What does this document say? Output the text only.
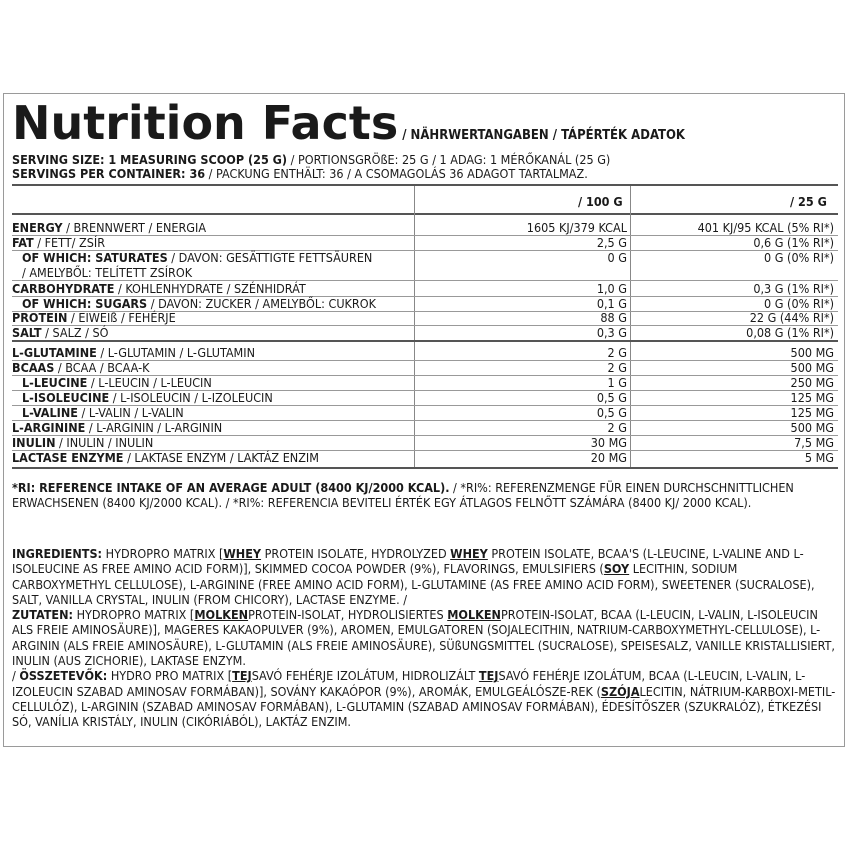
Nutrition Facts / NÄHRWERTANGABEN / TÁPÉRTÉK ADATOK
SERVING SIZE: 1 MEASURING SCOOP (25 G) / PORTIONSGRÖßE: 25 G / 1 ADAG: 1 MÉRŐKANÁL (25 G)
SERVINGS PER CONTAINER: 36 / PACKUNG ENTHÄLT: 36 / A CSOMAGOLÁS 36 ADAGOT TARTALMAZ.
/ 100 G	/ 25 G
ENERGY / BRENNWERT / ENERGIA	1605 KJ/379 KCAL	401 KJ/95 KCAL (5% RI*)
FAT / FETT/ ZSÍR	2,5 G	0,6 G (1% RI*)
OF WHICH: SATURATES / DAVON: GESÄTTIGTE FETTSÄUREN	0 G	0 G (0% RI*)
/ AMELYBŐL: TELÍTETT ZSÍROK
CARBOHYDRATE / KOHLENHYDRATE / SZÉNHIDRÁT	1,0 G	0,3 G (1% RI*)
OF WHICH: SUGARS / DAVON: ZUCKER / AMELYBŐL: CUKROK	0,1 G	0 G (0% RI*)
PROTEIN / EIWEIß / FEHÉRJE	88 G	22 G (44% RI*)
SALT / SALZ / SÓ	0,3 G	0,08 G (1% RI*)
L-GLUTAMINE / L-GLUTAMIN / L-GLUTAMIN	2 G	500 MG
BCAAS / BCAA / BCAA-K	2 G	500 MG
L-LEUCINE / L-LEUCIN / L-LEUCIN	1 G	250 MG
L-ISOLEUCINE / L-ISOLEUCIN / L-IZOLEUCIN	0,5 G	125 MG
L-VALINE / L-VALIN / L-VALIN	0,5 G	125 MG
L-ARGININE / L-ARGININ / L-ARGININ	2 G	500 MG
INULIN / INULIN / INULIN	30 MG	7,5 MG
LACTASE ENZYME / LAKTASE ENZYM / LAKTÁZ ENZIM	20 MG	5 MG
*RI: REFERENCE INTAKE OF AN AVERAGE ADULT (8400 KJ/2000 KCAL). / *RI%: REFERENZMENGE FÜR EINEN DURCHSCHNITTLICHEN ERWACHSENEN (8400 KJ/2000 KCAL). / *RI%: REFERENCIA BEVITELI ÉRTÉK EGY ÁTLAGOS FELNŐTT SZÁMÁRA (8400 KJ/ 2000 KCAL).
INGREDIENTS: HYDROPRO MATRIX [WHEY PROTEIN ISOLATE, HYDROLYZED WHEY PROTEIN ISOLATE, BCAA'S (L-LEUCINE, L-VALINE AND L-ISOLEUCINE AS FREE AMINO ACID FORM)], SKIMMED COCOA POWDER (9%), FLAVORINGS, EMULSIFIERS (SOY LECITHIN, SODIUM CARBOXYMETHYL CELLULOSE), L-ARGININE (FREE AMINO ACID FORM), L-GLUTAMINE (AS FREE AMINO ACID FORM), SWEETENER (SUCRALOSE), SALT, VANILLA CRYSTAL, INULIN (FROM CHICORY), LACTASE ENZYME. /
ZUTATEN: HYDROPRO MATRIX [MOLKENPROTEIN-ISOLAT, HYDROLISIERTES MOLKENPROTEIN-ISOLAT, BCAA (L-LEUCIN, L-VALIN, L-ISOLEUCIN ALS FREIE AMINOSÄURE)], MAGERES KAKAOPULVER (9%), AROMEN, EMULGATOREN (SOJALECITHIN, NATRIUM-CARBOXYMETHYL-CELLULOSE), L-ARGININ (ALS FREIE AMINOSÄURE), L-GLUTAMIN (ALS FREIE AMINOSÄURE), SÜßUNGSMITTEL (SUCRALOSE), SPEISESALZ, VANILLE KRISTALLISIERT, INULIN (AUS ZICHORIE), LAKTASE ENZYM.
/ ÖSSZETEVŐK: HYDRO PRO MATRIX [TEJSAVÓ FEHÉRJE IZOLÁTUM, HIDROLIZÁLT TEJSAVÓ FEHÉRJE IZOLÁTUM, BCAA (L-LEUCIN, L-VALIN, L-IZOLEUCIN SZABAD AMINOSAV FORMÁBAN)], SOVÁNY KAKAÓPOR (9%), AROMÁK, EMULGEÁLÓSZE-REK (SZÓJALECITIN, NÁTRIUM-KARBOXI-METIL-CELLULÓZ), L-ARGININ (SZABAD AMINOSAV FORMÁBAN), L-GLUTAMIN (SZABAD AMINOSAV FORMÁBAN), ÉDESÍTŐSZER (SZUKRALÓZ), ÉTKEZÉSI SÓ, VANÍLIA KRISTÁLY, INULIN (CIKÓRIÁBÓL), LAKTÁZ ENZIM.
